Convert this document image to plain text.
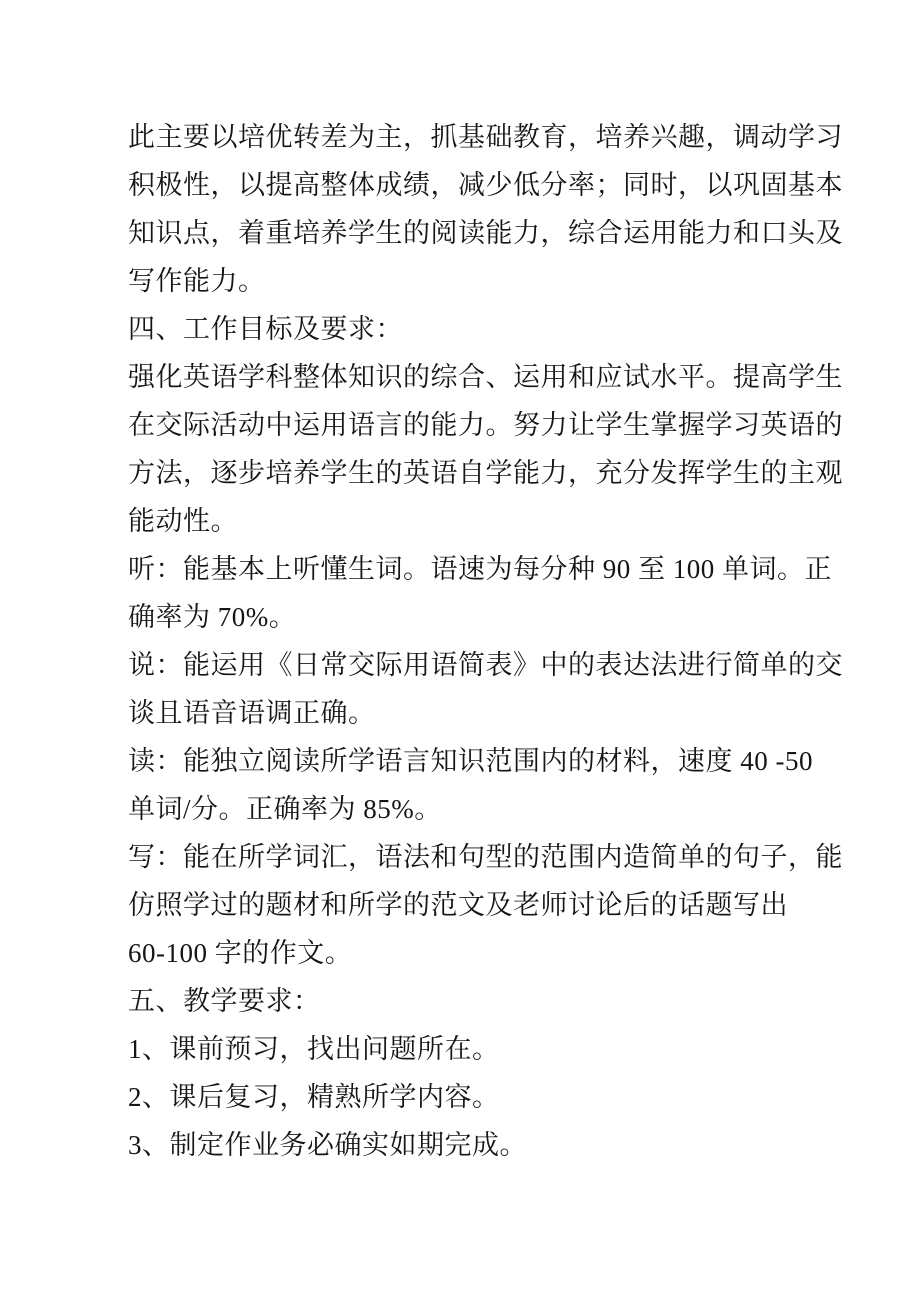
此主要以培优转差为主，抓基础教育，培养兴趣，调动学习
积极性，以提高整体成绩，减少低分率；同时，以巩固基本
知识点，着重培养学生的阅读能力，综合运用能力和口头及
写作能力。
四、工作目标及要求：
强化英语学科整体知识的综合、运用和应试水平。提高学生
在交际活动中运用语言的能力。努力让学生掌握学习英语的
方法，逐步培养学生的英语自学能力，充分发挥学生的主观
能动性。
听：能基本上听懂生词。语速为每分种 90 至 100 单词。正
确率为 70%。
说：能运用《日常交际用语简表》中的表达法进行简单的交
谈且语音语调正确。
读：能独立阅读所学语言知识范围内的材料，速度 40 -50
单词/分。正确率为 85%。
写：能在所学词汇，语法和句型的范围内造简单的句子，能
仿照学过的题材和所学的范文及老师讨论后的话题写出
60-100 字的作文。
五、教学要求：
1、课前预习，找出问题所在。
2、课后复习，精熟所学内容。
3、制定作业务必确实如期完成。
